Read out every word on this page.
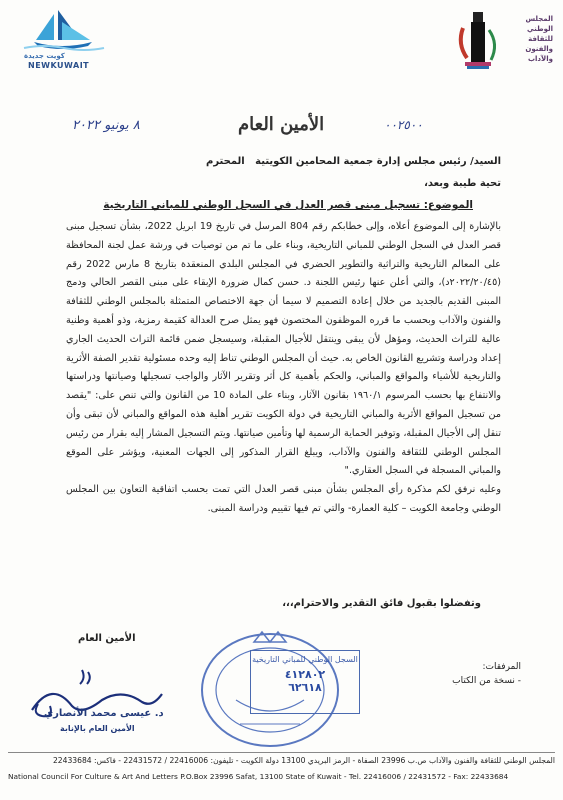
كويت جديدة
NEWKUWAIT
المجلس
الوطني
للثقافة
والفنون
والآداب
٨ يونيو ٢٠٢٢	الأمين العام	٠٠٢٥٠٠
السيد/ رئيس مجلس إدارة جمعية المحامين الكويتية
المحترم
تحية طيبة وبعد،
الموضوع: تسجيل مبنى قصر العدل في السجل الوطني للمباني التاريخية

بالإشارة إلى الموضوع أعلاه، وإلى خطابكم رقم 804 المرسل في تاريخ 19 ابريل 2022، بشأن تسجيل مبنى قصر العدل في السجل الوطني للمباني التاريخية، وبناء على ما تم من توصيات في ورشة عمل لجنة المحافظة على المعالم التاريخية والتراثية والتطوير الحضري في المجلس البلدي المنعقدة بتاريخ 8 مارس 2022 رقم (٢٠٢٢/٢٠/٤٥د)، والتي أعلن عنها رئيس اللجنة د. حسن كمال ضرورة الإبقاء على مبنى القصر الحالي ودمج المبنى القديم بالجديد من خلال إعادة التصميم لا سيما أن جهة الاختصاص المتمثلة بالمجلس الوطني للثقافة والفنون والآداب وبحسب ما قرره الموظفون المختصون فهو يمثل صرح العدالة كقيمة رمزية، وذو أهمية وطنية عالية للتراث الحديث، ومؤهل لأن يبقى وينتقل للأجيال المقبلة، وسيسجل ضمن قائمة التراث الحديث الجاري إعداد ودراسة وتشريع القانون الخاص به. حيث أن المجلس الوطني تناط إليه وحده مسئولية تقدير الصفة الأثرية والتاريخية للأشياء والمواقع والمباني، والحكم بأهمية كل أثر وتقرير الآثار والواجب تسجيلها وصيانتها ودراستها والانتفاع بها بحسب المرسوم ١٩٦٠/١ بقانون الآثار، وبناء على المادة 10 من القانون والتي تنص على: "يقصد من تسجيل المواقع الأثرية والمباني التاريخية في دولة الكويت تقرير أهلية هذه المواقع والمباني لأن تبقى وأن تنقل إلى الأجيال المقبلة، وتوفير الحماية الرسمية لها وتأمين صيانتها. ويتم التسجيل المشار إليه بقرار من رئيس المجلس الوطني للثقافة والفنون والآداب، ويبلغ القرار المذكور إلى الجهات المعنية، ويؤشر على الموقع والمباني المسجلة في السجل العقاري."

وعليه نرفق لكم مذكرة رأي المجلس بشأن مبنى قصر العدل التي تمت بحسب اتفاقية التعاون بين المجلس الوطني وجامعة الكويت – كلية العمارة- والتي تم فيها تقييم ودراسة المبنى.

وتفضلوا بقبول فائق التقدير والاحترام،،،
الأمين العام
د. عيسى محمد الأنصاري
الأمين العام بالإنابة
السجل الوطني للمباني التاريخية
٤١٢٨٠٢
٦٢٦١٨
المرفقات:
- نسخة من الكتاب
المجلس الوطني للثقافة والفنون والآداب ص.ب 23996 الصفاة - الرمز البريدي 13100 دولة الكويت - تليفون: 22416006 / 22431572 - فاكس: 22433684
National Council For Culture & Art And Letters P.O.Box 23996 Safat, 13100 State of Kuwait - Tel. 22416006 / 22431572 - Fax: 22433684
